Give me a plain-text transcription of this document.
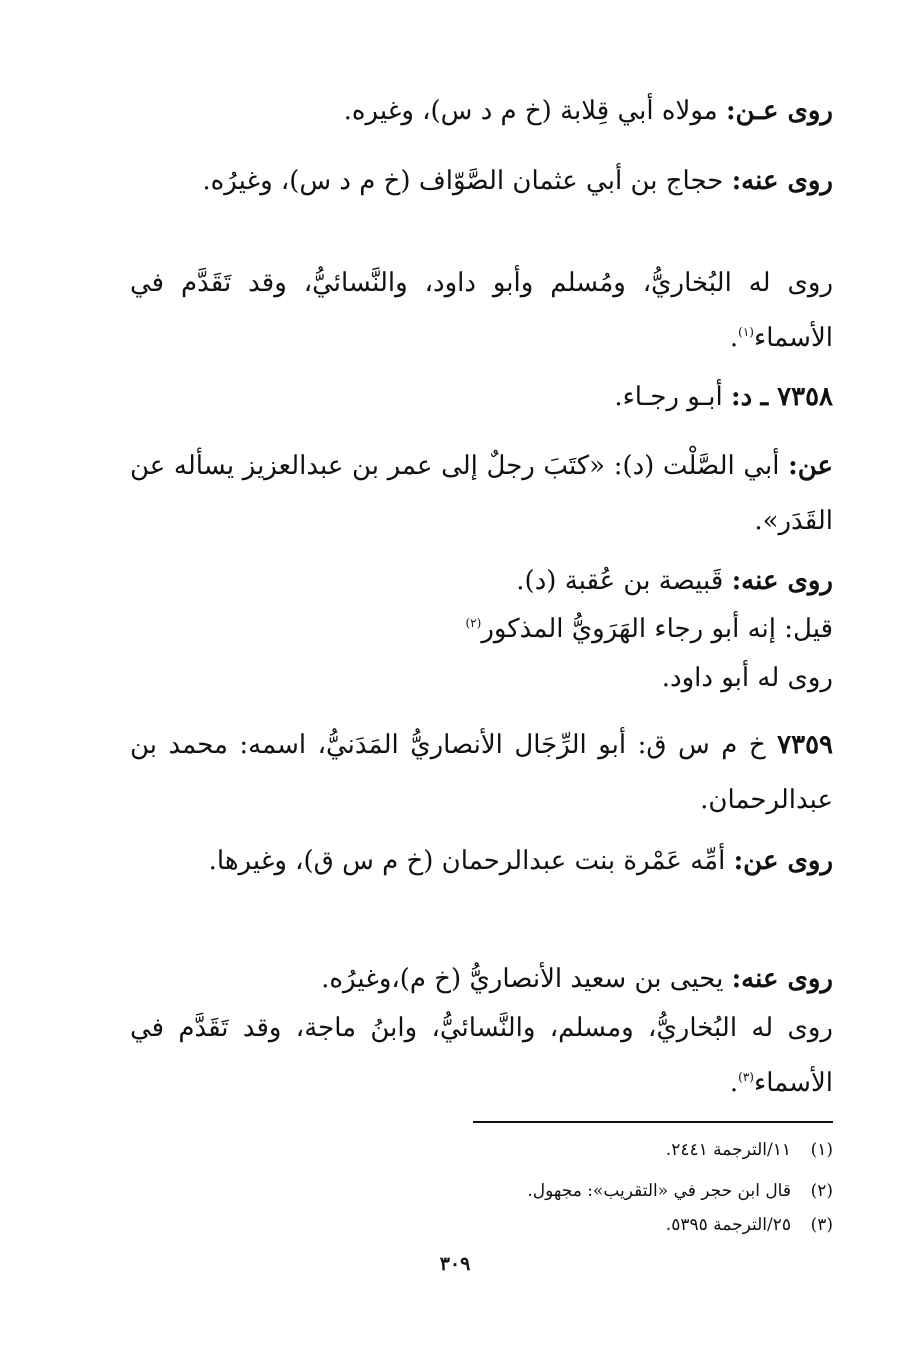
روى عـن: مولاه أبي قِلابة (خ م د س)، وغيره.

روى عنه: حجاج بن أبي عثمان الصَّوّاف (خ م د س)، وغيرُه.

روى له البُخاريُّ، ومُسلم وأبو داود، والنَّسائيُّ، وقد تَقَدَّم في الأسماء$^{(١)}$.

٧٣٥٨ ـ د: أبـو رجـاء.

عن: أبي الصَّلْت (د): «كتَبَ رجلٌ إلى عمر بن عبدالعزيز يسأله عن القَدَر».

روى عنه: قَبيصة بن عُقبة (د).

قيل: إنه أبو رجاء الهَرَويُّ المذكور$^{(٢)}$

روى له أبو داود.

٧٣٥٩ خ م س ق: أبو الرِّجَال الأنصاريُّ المَدَنيُّ، اسمه: محمد بن عبدالرحمان.

روى عن: أمِّه عَمْرة بنت عبدالرحمان (خ م س ق)، وغيرها.

روى عنه: يحيى بن سعيد الأنصاريُّ (خ م)،وغيرُه.

روى له البُخاريُّ، ومسلم، والنَّسائيُّ، وابنُ ماجة، وقد تَقَدَّم في الأسماء$^{(٣)}$.

(١)١١/الترجمة ٢٤٤١.
(٢)قال ابن حجر في «التقريب»: مجهول.
(٣)٢٥/الترجمة ٥٣٩٥.
٣٠٩
